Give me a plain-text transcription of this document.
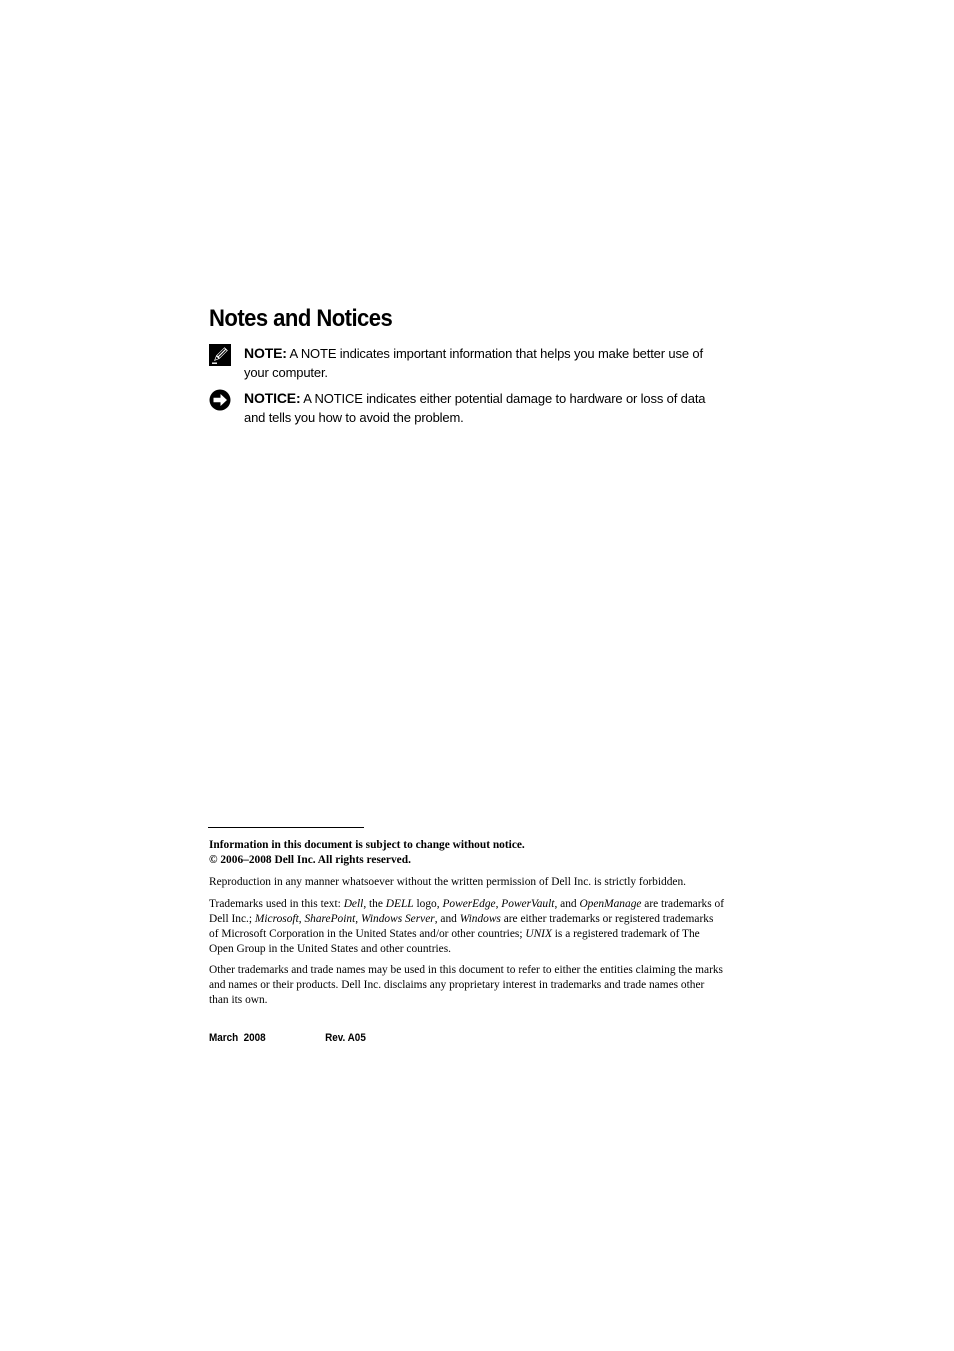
Notes and Notices
NOTE: A NOTE indicates important information that helps you make better use of your computer.
NOTICE: A NOTICE indicates either potential damage to hardware or loss of data and tells you how to avoid the problem.

Information in this document is subject to change without notice.
© 2006–2008 Dell Inc. All rights reserved.

Reproduction in any manner whatsoever without the written permission of Dell Inc. is strictly forbidden.

Trademarks used in this text: Dell, the DELL logo, PowerEdge, PowerVault, and OpenManage are trademarks of Dell Inc.; Microsoft, SharePoint, Windows Server, and Windows are either trademarks or registered trademarks of Microsoft Corporation in the United States and/or other countries; UNIX is a registered trademark of The Open Group in the United States and other countries.

Other trademarks and trade names may be used in this document to refer to either the entities claiming the marks and names or their products. Dell Inc. disclaims any proprietary interest in trademarks and trade names other than its own.

March  2008	Rev. A05
